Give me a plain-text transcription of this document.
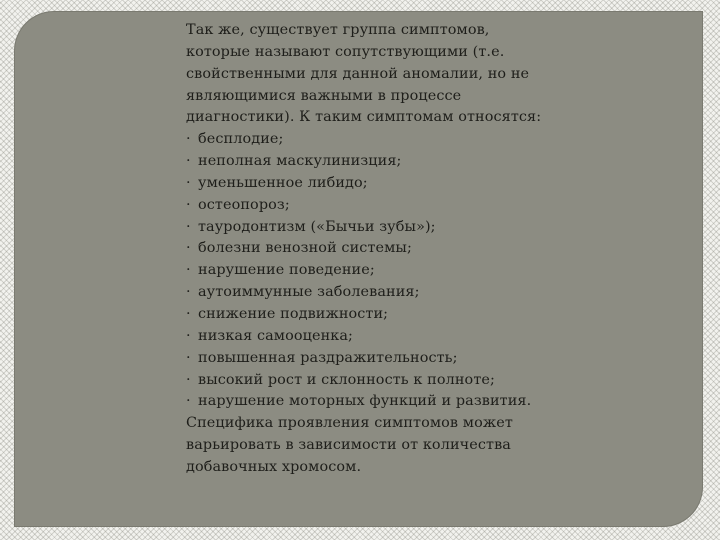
Так же, существует группа симптомов, которые называют сопутствующими (т.е. свойственными для данной аномалии, но не являющимися важными в процессе диагностики). К таким симптомам относятся:

· бесплодие;
· неполная маскулинизция;
· уменьшенное либидо;
· остеопороз;
· тауродонтизм («Бычьи зубы»);
· болезни венозной системы;
· нарушение поведение;
· аутоиммунные заболевания;
· снижение подвижности;
· низкая самооценка;
· повышенная раздражительность;
· высокий рост и склонность к полноте;
· нарушение моторных функций и развития.

Специфика проявления симптомов может варьировать в зависимости от количества добавочных хромосом.
